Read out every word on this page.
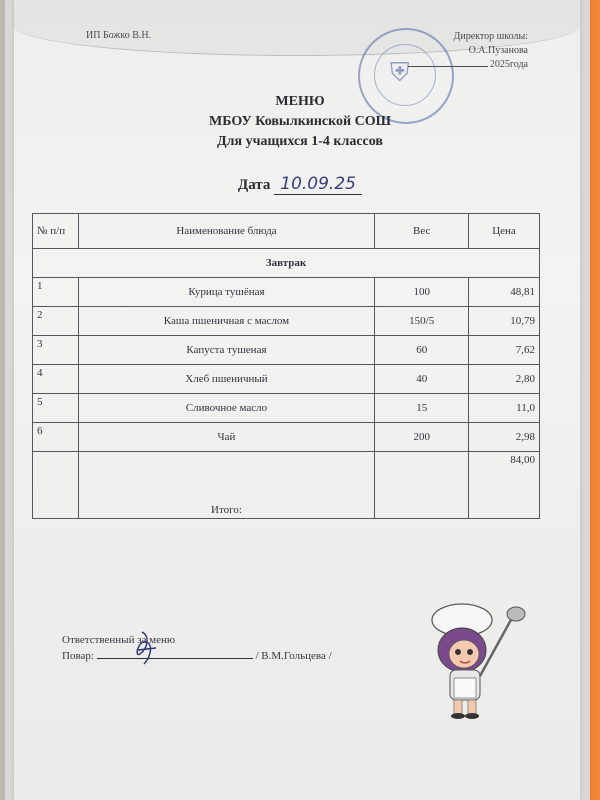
ИП Божко В.Н.
⛨
Директор школы:
О.А.Пузанова
2025года
МЕНЮ
МБОУ Ковылкинской СОШ
Для учащихся 1-4 классов
Дата 10.09.25
№ п/п	Наименование блюда	Вес	Цена
Завтрак			
1	Курица тушёная	100	48,81
2	Каша пшеничная с маслом	150/5	10,79
3	Капуста тушеная	60	7,62
4	Хлеб пшеничный	40	2,80
5	Сливочное масло	15	11,0
6	Чай	200	2,98
	Итого:		84,00
Ответственный за меню
Повар:	/ В.М.Гольцева /
